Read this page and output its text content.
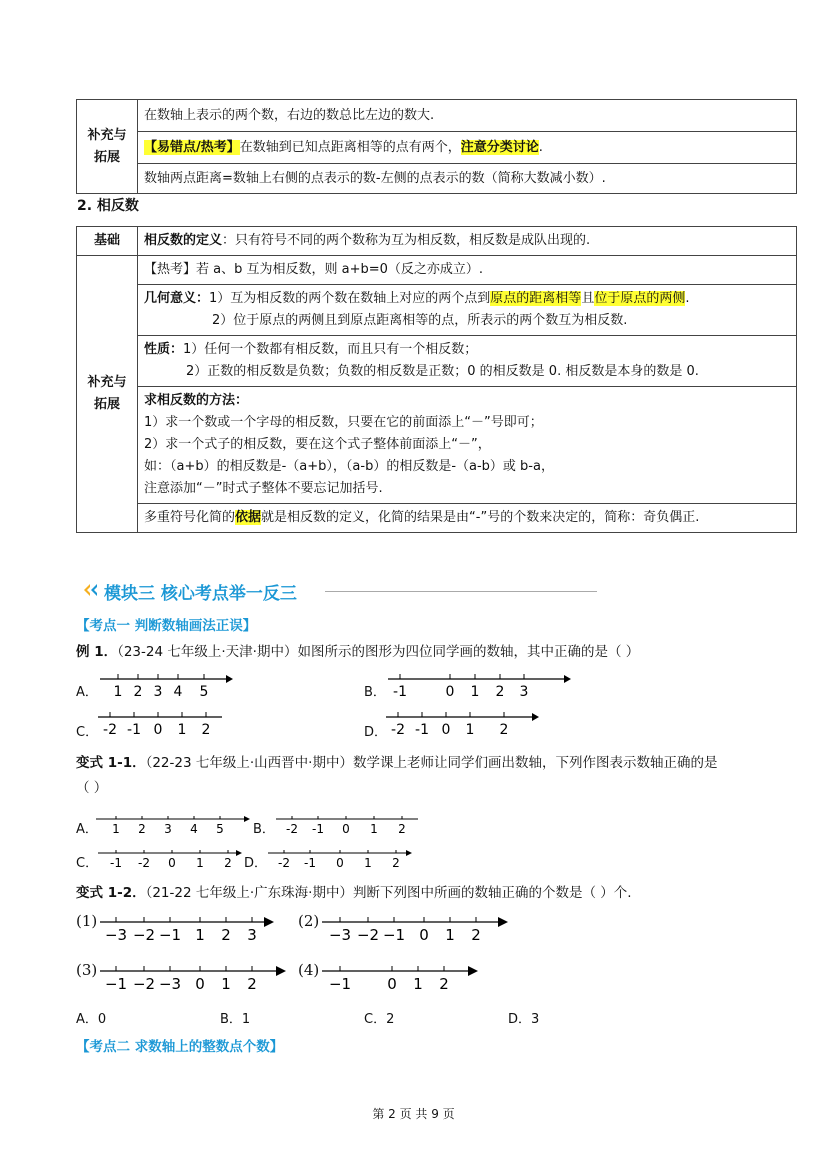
补充与
拓展	在数轴上表示的两个数，右边的数总比左边的数大.
【易错点/热考】在数轴到已知点距离相等的点有两个，注意分类讨论.
数轴两点距离=数轴上右侧的点表示的数-左侧的点表示的数（简称大数减小数）.
2. 相反数
基础	相反数的定义：只有符号不同的两个数称为互为相反数，相反数是成队出现的.
补充与
拓展	【热考】若 a、b 互为相反数，则 a+b=0（反之亦成立）.

	几何意义：1）互为相反数的两个数在数轴上对应的两个点到原点的距离相等且位于原点的两侧.
2）位于原点的两侧且到原点距离相等的点，所表示的两个数互为相反数.

	性质：1）任何一个数都有相反数，而且只有一个相反数；
2）正数的相反数是负数；负数的相反数是正数；0 的相反数是 0. 相反数是本身的数是 0.

	求相反数的方法：
1）求一个数或一个字母的相反数，只要在它的前面添上“－”号即可；
2）求一个式子的相反数，要在这个式子整体前面添上“－”，
如：（a+b）的相反数是-（a+b），（a-b）的相反数是-（a-b）或 b-a，
注意添加“－”时式子整体不要忘记加括号.

	多重符号化简的依据就是相反数的定义，化简的结果是由“-”号的个数来决定的，简称：奇负偶正.
模块三 核心考点举一反三
【考点一 判断数轴画法正误】
例 1．（23-24 七年级上·天津·期中）如图所示的图形为四位同学画的数轴，其中正确的是（ ）
A． 1 2 3 4 5	B． -1	0 1 2 3
C． -2 -1 0 1 2	D． -2 -1 0 1 2
变式 1-1．（22-23 七年级上·山西晋中·期中）数学课上老师让同学们画出数轴，下列作图表示数轴正确的是
（ ）
A． 1 2 3 4 5 B． -2 -1 0 1 2
C． -1 -2 0 1 2 D． -2 -1 0 1 2
变式 1-2．（21-22 七年级上·广东珠海·期中）判断下列图中所画的数轴正确的个数是（ ）个.
(1)
−3 −2 −1 1 2 3
(2)
−3 −2 −1 0 1 2
(3)
−1 −2 −3 0 1 2
(4)
−1 0 1 2
A．0	B．1	C．2	D．3
【考点二 求数轴上的整数点个数】
第 2 页 共 9 页
